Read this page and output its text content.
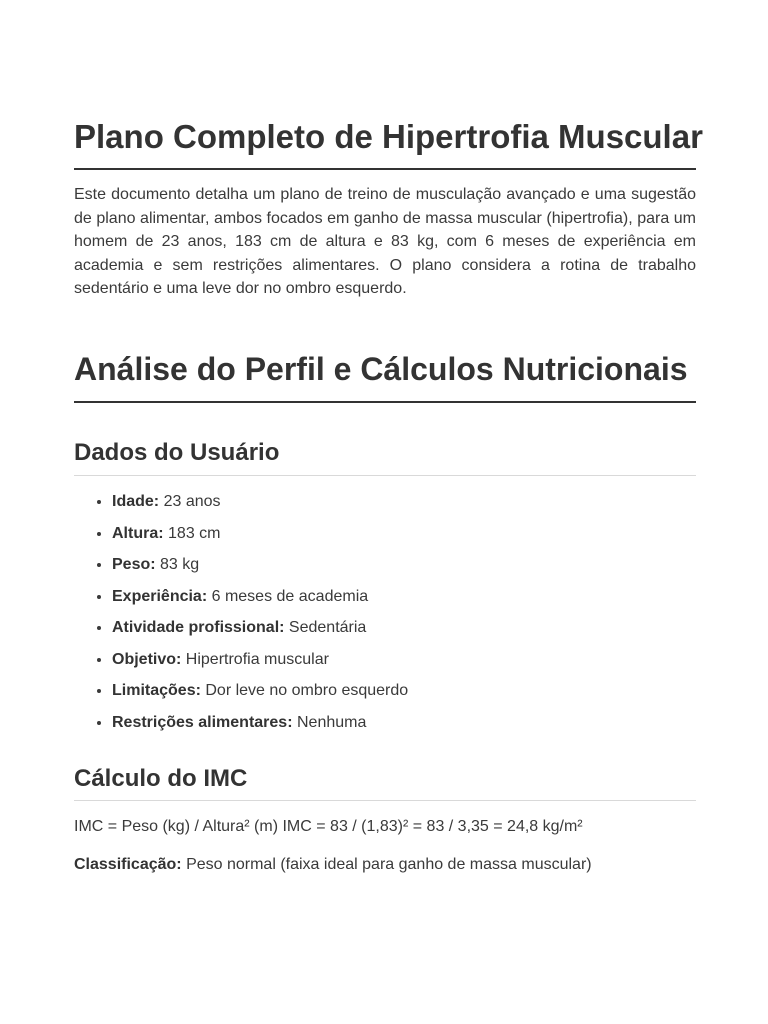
Plano Completo de Hipertrofia Muscular

Este documento detalha um plano de treino de musculação avançado e uma sugestão de plano alimentar, ambos focados em ganho de massa muscular (hipertrofia), para um homem de 23 anos, 183 cm de altura e 83 kg, com 6 meses de experiência em academia e sem restrições alimentares. O plano considera a rotina de trabalho sedentário e uma leve dor no ombro esquerdo.

Análise do Perfil e Cálculos Nutricionais
Dados do Usuário
• Idade: 23 anos
• Altura: 183 cm
• Peso: 83 kg
• Experiência: 6 meses de academia
• Atividade profissional: Sedentária
• Objetivo: Hipertrofia muscular
• Limitações: Dor leve no ombro esquerdo
• Restrições alimentares: Nenhuma
Cálculo do IMC

IMC = Peso (kg) / Altura² (m) IMC = 83 / (1,83)² = 83 / 3,35 = 24,8 kg/m²

Classificação: Peso normal (faixa ideal para ganho de massa muscular)
